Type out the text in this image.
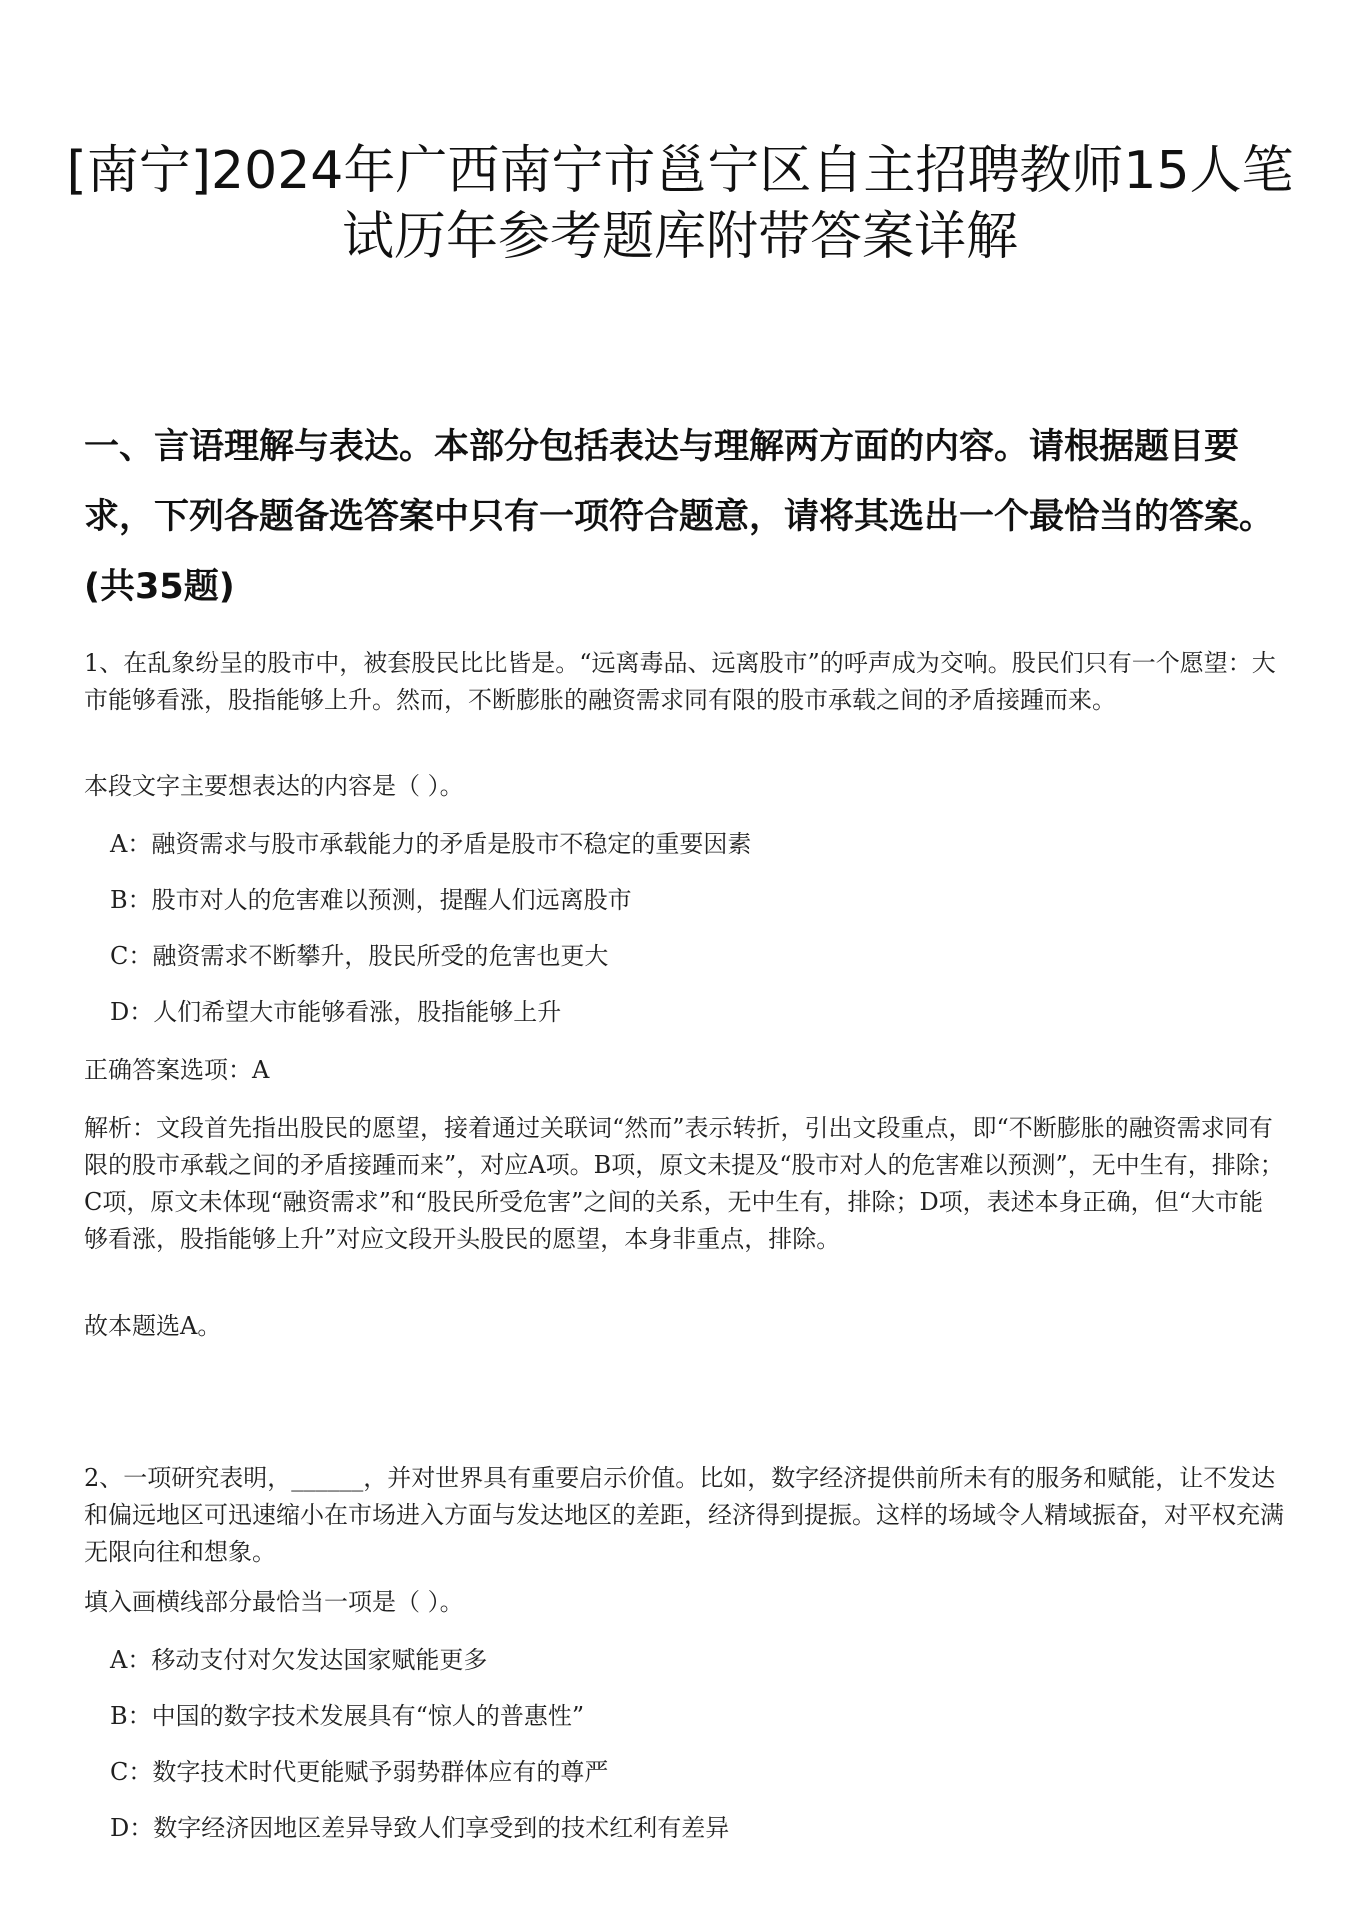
[南宁]2024年广西南宁市邕宁区自主招聘教师15人笔试历年参考题库附带答案详解
一、言语理解与表达。本部分包括表达与理解两方面的内容。请根据题目要求，下列各题备选答案中只有一项符合题意，请将其选出一个最恰当的答案。(共35题)

1、在乱象纷呈的股市中，被套股民比比皆是。“远离毒品、远离股市”的呼声成为交响。股民们只有一个愿望：大市能够看涨，股指能够上升。然而，不断膨胀的融资需求同有限的股市承载之间的矛盾接踵而来。

本段文字主要想表达的内容是（ ）。

A：融资需求与股市承载能力的矛盾是股市不稳定的重要因素

B：股市对人的危害难以预测，提醒人们远离股市

C：融资需求不断攀升，股民所受的危害也更大

D：人们希望大市能够看涨，股指能够上升

正确答案选项：A

解析：文段首先指出股民的愿望，接着通过关联词“然而”表示转折，引出文段重点，即“不断膨胀的融资需求同有限的股市承载之间的矛盾接踵而来”，对应A项。B项，原文未提及“股市对人的危害难以预测”，无中生有，排除；C项，原文未体现“融资需求”和“股民所受危害”之间的关系，无中生有，排除；D项，表述本身正确，但“大市能够看涨，股指能够上升”对应文段开头股民的愿望，本身非重点，排除。

故本题选A。

2、一项研究表明，______，并对世界具有重要启示价值。比如，数字经济提供前所未有的服务和赋能，让不发达和偏远地区可迅速缩小在市场进入方面与发达地区的差距，经济得到提振。这样的场域令人精域振奋，对平权充满无限向往和想象。

填入画横线部分最恰当一项是（ ）。

A：移动支付对欠发达国家赋能更多

B：中国的数字技术发展具有“惊人的普惠性”

C：数字技术时代更能赋予弱势群体应有的尊严

D：数字经济因地区差异导致人们享受到的技术红利有差异
